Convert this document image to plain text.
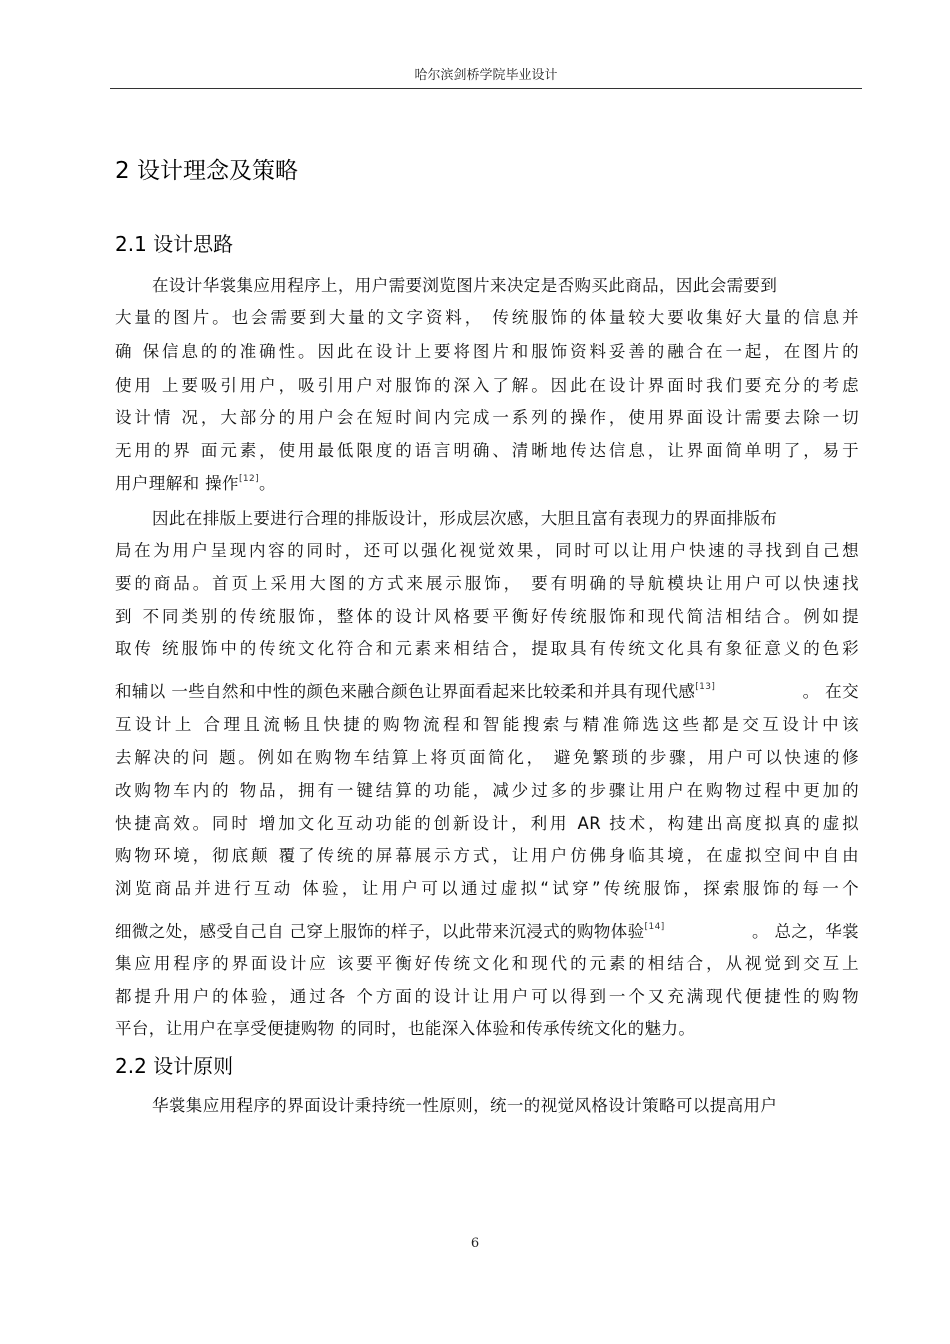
哈尔滨剑桥学院毕业设计
2 设计理念及策略
2.1 设计思路
在设计华裳集应用程序上，用户需要浏览图片来决定是否购买此商品，因此会需要到
大量的图片。也会需要到大量的文字资料， 传统服饰的体量较大要收集好大量的信息并
确 保信息的的准确性。因此在设计上要将图片和服饰资料妥善的融合在一起，在图片的
使用 上要吸引用户，吸引用户对服饰的深入了解。因此在设计界面时我们要充分的考虑
设计情 况，大部分的用户会在短时间内完成一系列的操作，使用界面设计需要去除一切
无用的界 面元素，使用最低限度的语言明确、清晰地传达信息，让界面简单明了，易于
用户理解和 操作[12]。
因此在排版上要进行合理的排版设计，形成层次感，大胆且富有表现力的界面排版布
局在为用户呈现内容的同时，还可以强化视觉效果，同时可以让用户快速的寻找到自己想
要的商品。首页上采用大图的方式来展示服饰， 要有明确的导航模块让用户可以快速找
到 不同类别的传统服饰，整体的设计风格要平衡好传统服饰和现代简洁相结合。例如提
取传 统服饰中的传统文化符合和元素来相结合，提取具有传统文化具有象征意义的色彩
和辅以 一些自然和中性的颜色来融合颜色让界面看起来比较柔和并具有现代感[13]	。 在交
互设计上 合理且流畅且快捷的购物流程和智能搜索与精准筛选这些都是交互设计中该
去解决的问 题。例如在购物车结算上将页面简化， 避免繁琐的步骤，用户可以快速的修
改购物车内的 物品，拥有一键结算的功能，减少过多的步骤让用户在购物过程中更加的
快捷高效。同时 增加文化互动功能的创新设计，利用 AR 技术，构建出高度拟真的虚拟
购物环境，彻底颠 覆了传统的屏幕展示方式，让用户仿佛身临其境，在虚拟空间中自由
浏览商品并进行互动 体验，让用户可以通过虚拟“试穿”传统服饰，探索服饰的每一个
细微之处，感受自己自 己穿上服饰的样子，以此带来沉浸式的购物体验[14]	。 总之，华裳
集应用程序的界面设计应 该要平衡好传统文化和现代的元素的相结合，从视觉到交互上
都提升用户的体验，通过各 个方面的设计让用户可以得到一个又充满现代便捷性的购物
平台，让用户在享受便捷购物 的同时，也能深入体验和传承传统文化的魅力。
2.2 设计原则
华裳集应用程序的界面设计秉持统一性原则，统一的视觉风格设计策略可以提高用户
6
